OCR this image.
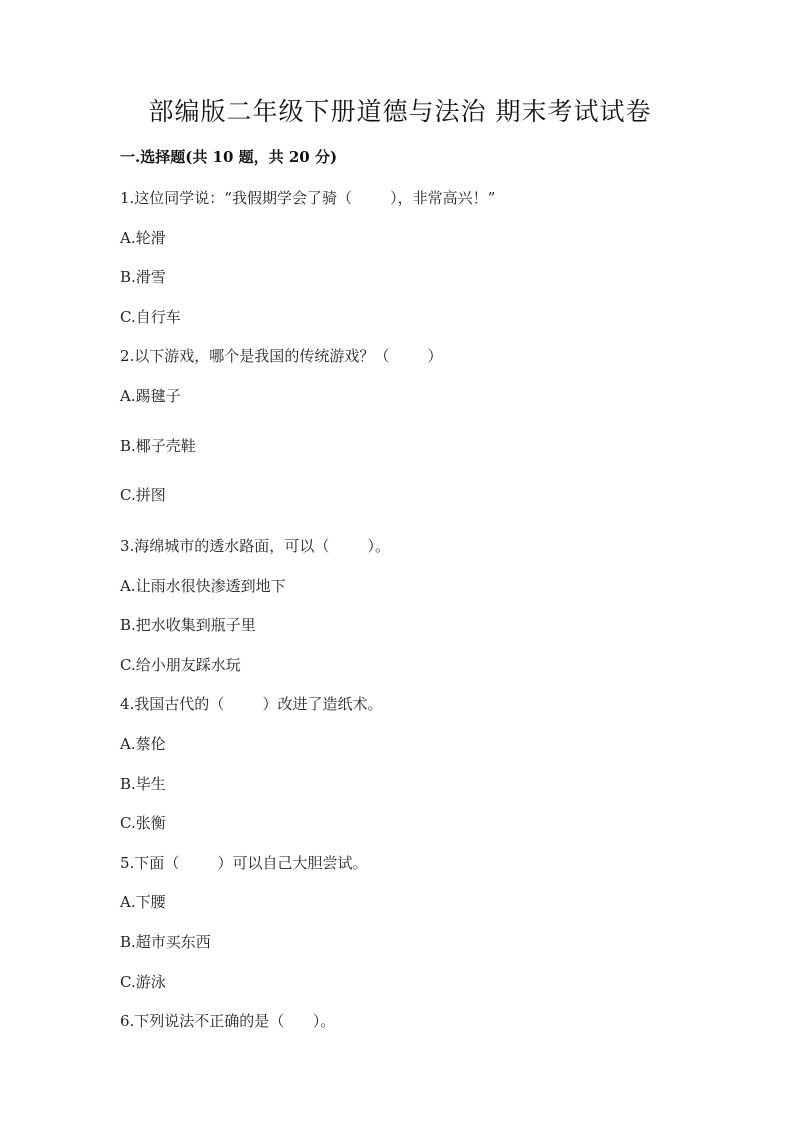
部编版二年级下册道德与法治 期末考试试卷
一.选择题(共 10 题，共 20 分)
1.这位同学说：“我假期学会了骑（        ），非常高兴！”
A.轮滑
B.滑雪
C.自行车
2.以下游戏，哪个是我国的传统游戏？（        ）
A.踢毽子
B.椰子壳鞋
C.拼图
3.海绵城市的透水路面，可以（        ）。
A.让雨水很快渗透到地下
B.把水收集到瓶子里
C.给小朋友踩水玩
4.我国古代的（        ）改进了造纸术。
A.蔡伦
B.毕生
C.张衡
5.下面（        ）可以自己大胆尝试。
A.下腰
B.超市买东西
C.游泳
6.下列说法不正确的是（      ）。
